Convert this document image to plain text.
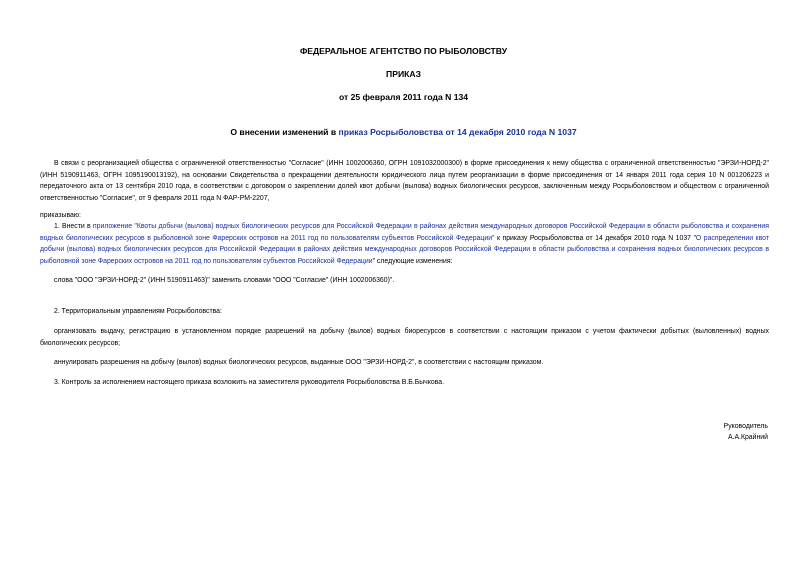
ФЕДЕРАЛЬНОЕ АГЕНТСТВО ПО РЫБОЛОВСТВУ
ПРИКАЗ
от 25 февраля 2011 года N 134
О внесении изменений в приказ Росрыболовства от 14 декабря 2010 года N 1037
В связи с реорганизацией общества с ограниченной ответственностью "Согласие" (ИНН 1002006360, ОГРН 1091032000300) в форме присоединения к нему общества с ограниченной ответственностью "ЭРЗИ-НОРД-2" (ИНН 5190911463, ОГРН 1095190013192), на основании Свидетельства о прекращении деятельности юридического лица путем реорганизации в форме присоединения от 14 января 2011 года серия 10 N 001206223 и передаточного акта от 13 сентября 2010 года, в соответствии с договором о закреплении долей квот добычи (вылова) водных биологических ресурсов, заключенным между Росрыболовством и обществом с ограниченной ответственностью "Согласие", от 9 февраля 2011 года N ФАР-РМ-2207,
приказываю:
1. Внести в приложение "Квоты добычи (вылова) водных биологических ресурсов для Российской Федерации в районах действия международных договоров Российской Федерации в области рыболовства и сохранения водных биологических ресурсов в рыболовной зоне Фарерских островов на 2011 год по пользователям субъектов Российской Федерации" к приказу Росрыболовства от 14 декабря 2010 года N 1037 "О распределении квот добычи (вылова) водных биологических ресурсов для Российской Федерации в районах действия международных договоров Российской Федерации в области рыболовства и сохранения водных биологических ресурсов в рыболовной зоне Фарерских островов на 2011 год по пользователям субъектов Российской Федерации" следующие изменения:
слова "ООО "ЭРЗИ-НОРД-2" (ИНН 5190911463)" заменить словами "ООО "Согласие" (ИНН 1002006360)".
2. Территориальным управлениям Росрыболовства:
организовать выдачу, регистрацию в установленном порядке разрешений на добычу (вылов) водных биоресурсов в соответствии с настоящим приказом с учетом фактически добытых (выловленных) водных биологических ресурсов;
аннулировать разрешения на добычу (вылов) водных биологических ресурсов, выданные ООО "ЭРЗИ-НОРД-2", в соответствии с настоящим приказом.
3. Контроль за исполнением настоящего приказа возложить на заместителя руководителя Росрыболовства В.Б.Бычкова.
Руководитель
А.А.Крайний
